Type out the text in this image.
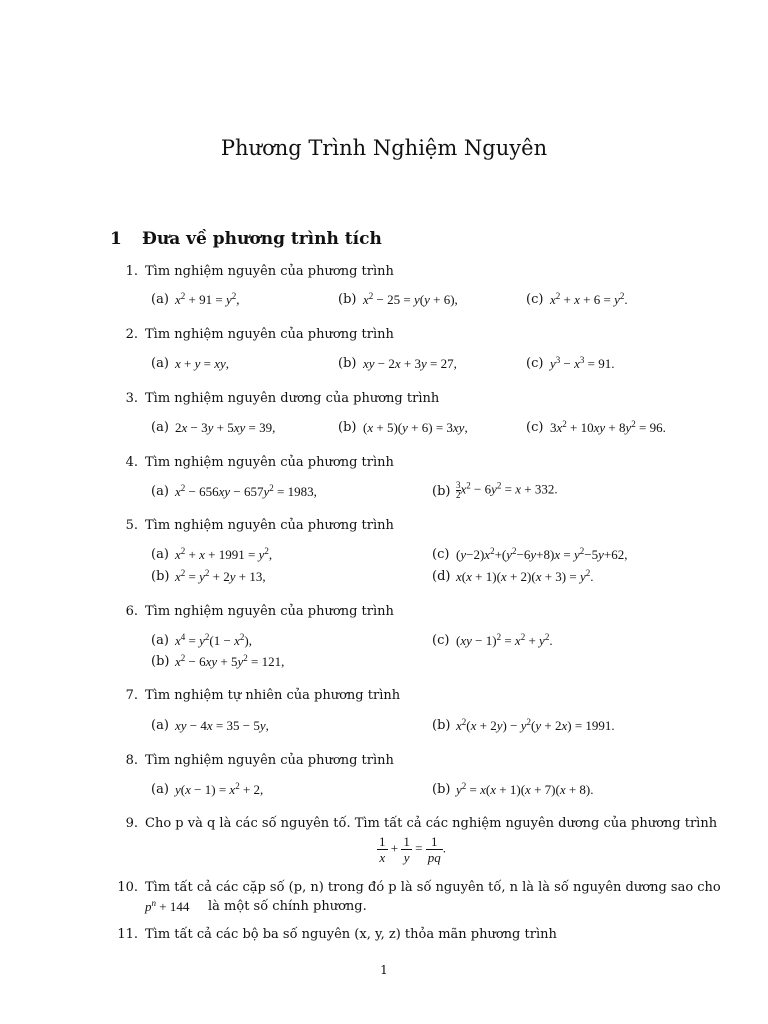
Phương Trình Nghiệm Nguyên
1 Đưa về phương trình tích
1. Tìm nghiệm nguyên của phương trình
(a) $x^2 + 91 = y^2$,	(b) $x^2 - 25 = y(y + 6)$,	(c) $x^2 + x + 6 = y^2$.
2. Tìm nghiệm nguyên của phương trình
(a) x + y = xy,	(b) xy − 2x + 3y = 27,	(c) $y^3 - x^3 = 91$.
3. Tìm nghiệm nguyên dương của phương trình
(a) 2x − 3y + 5xy = 39,	(b) (x + 5)(y + 6) = 3xy,	(c) $3x^2 + 10xy + 8y^2 = 96$.
4. Tìm nghiệm nguyên của phương trình
(a) $x^2 - 656xy - 657y^2 = 1983$,	$(b) \frac{3}{2} x^2 - 6y^2 = x + 332$.
5. Tìm nghiệm nguyên của phương trình
(a) $x^2 + x + 1991 = y^2$,
(b) $x^2 = y^2 + 2y + 13$,
(c) $(y-2)x^2+(y^2-6y+8)x = y^2-5y+62$,
(d) $x(x + 1)(x + 2)(x + 3) = y^2$.
6. Tìm nghiệm nguyên của phương trình
(a) $x^4 = y^2(1 - x^2)$,
(b) $x^2 - 6xy + 5y^2 = 121$,
(c) $(xy - 1)^2 = x^2 + y^2$.
7. Tìm nghiệm tự nhiên của phương trình
(a) xy − 4x = 35 − 5y,	(b) $x^2(x + 2y) - y^2(y + 2x) = 1991$.
8. Tìm nghiệm nguyên của phương trình
(a) $y(x - 1) = x^2 + 2$,	(b) $y^2 = x(x + 1)(x + 7)(x + 8)$.
9. Cho p và q là các số nguyên tố. Tìm tất cả các nghiệm nguyên dương của phương trình
$\frac{1}{x} + \frac{1}{y} = \frac{1}{pq}$ .
10. Tìm tất cả các cặp số (p, n) trong đó p là số nguyên tố, n là là số nguyên dương sao cho
$p^n + 144$ là một số chính phương.
11. Tìm tất cả các bộ ba số nguyên (x, y, z) thỏa mãn phương trình
1
